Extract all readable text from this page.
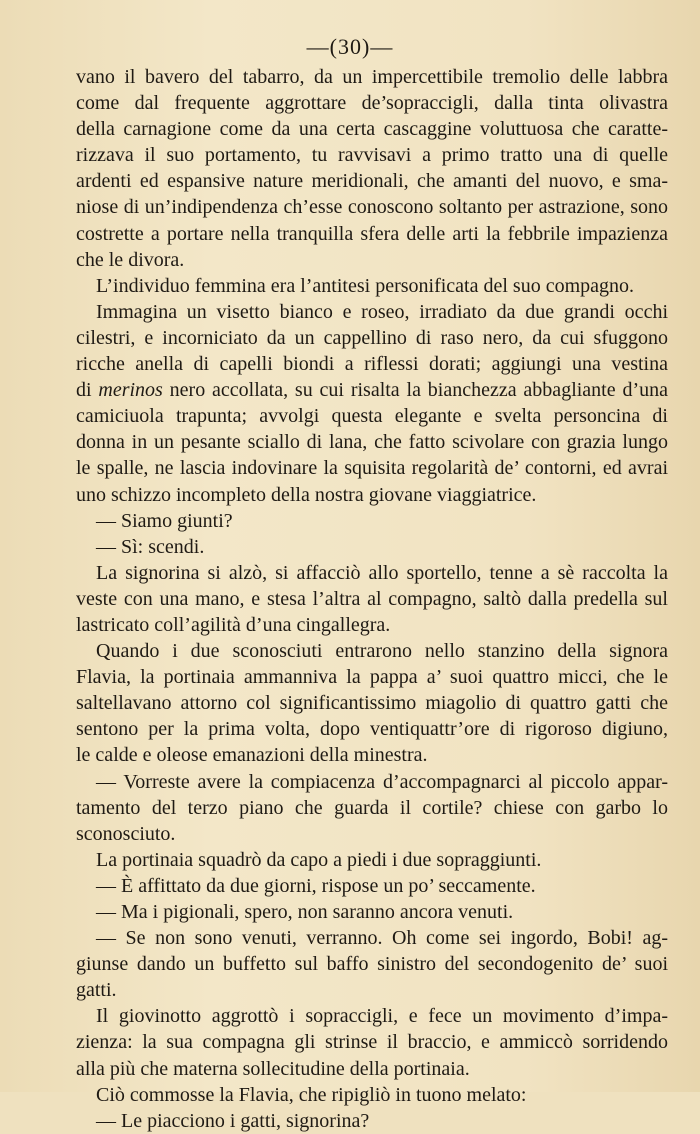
—(30)—
vano il bavero del tabarro, da un impercettibile tremolio delle labbra
come dal frequente aggrottare de’sopraccigli, dalla tinta olivastra
della carnagione come da una certa cascaggine voluttuosa che caratte-
rizzava il suo portamento, tu ravvisavi a primo tratto una di quelle
ardenti ed espansive nature meridionali, che amanti del nuovo, e sma-
niose di un’indipendenza ch’esse conoscono soltanto per astrazione, sono
costrette a portare nella tranquilla sfera delle arti la febbrile impazienza
che le divora.
L’individuo femmina era l’antitesi personificata del suo compagno.
Immagina un visetto bianco e roseo, irradiato da due grandi occhi
cilestri, e incorniciato da un cappellino di raso nero, da cui sfuggono
ricche anella di capelli biondi a riflessi dorati; aggiungi una vestina
di merinos nero accollata, su cui risalta la bianchezza abbagliante d’una
camiciuola trapunta; avvolgi questa elegante e svelta personcina di
donna in un pesante sciallo di lana, che fatto scivolare con grazia lungo
le spalle, ne lascia indovinare la squisita regolarità de’ contorni, ed avrai
uno schizzo incompleto della nostra giovane viaggiatrice.
— Siamo giunti?
— Sì: scendi.
La signorina si alzò, si affacciò allo sportello, tenne a sè raccolta la
veste con una mano, e stesa l’altra al compagno, saltò dalla predella sul
lastricato coll’agilità d’una cingallegra.
Quando i due sconosciuti entrarono nello stanzino della signora
Flavia, la portinaia ammanniva la pappa a’ suoi quattro micci, che le
saltellavano attorno col significantissimo miagolio di quattro gatti che
sentono per la prima volta, dopo ventiquattr’ore di rigoroso digiuno,
le calde e oleose emanazioni della minestra.
— Vorreste avere la compiacenza d’accompagnarci al piccolo appar-
tamento del terzo piano che guarda il cortile? chiese con garbo lo
sconosciuto.
La portinaia squadrò da capo a piedi i due sopraggiunti.
— È affittato da due giorni, rispose un po’ seccamente.
— Ma i pigionali, spero, non saranno ancora venuti.
— Se non sono venuti, verranno. Oh come sei ingordo, Bobi! ag-
giunse dando un buffetto sul baffo sinistro del secondogenito de’ suoi
gatti.
Il giovinotto aggrottò i sopraccigli, e fece un movimento d’impa-
zienza: la sua compagna gli strinse il braccio, e ammiccò sorridendo
alla più che materna sollecitudine della portinaia.
Ciò commosse la Flavia, che ripigliò in tuono melato:
— Le piacciono i gatti, signorina?
